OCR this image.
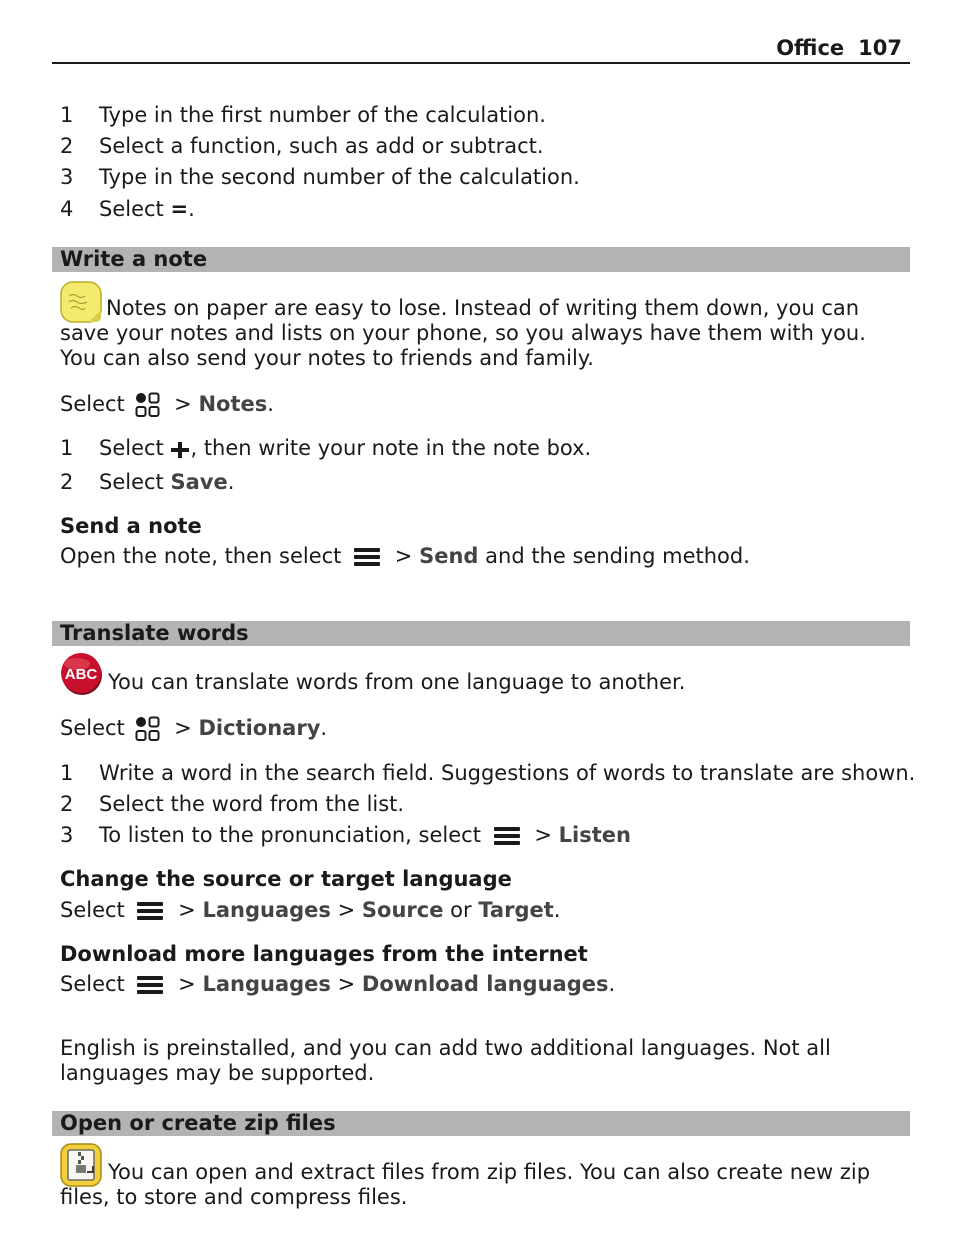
Office 107
1 Type in the first number of the calculation.
2 Select a function, such as add or subtract.
3 Type in the second number of the calculation.
4 Select =.
Write a note
Notes on paper are easy to lose. Instead of writing them down, you can save your notes and lists on your phone, so you always have them with you. You can also send your notes to friends and family.
Select > Notes.
1 Select , then write your note in the note box.
2 Select Save.
Send a note
Open the note, then select	> Send and the sending method.
Translate words
ABC You can translate words from one language to another.
Select > Dictionary.
1 Write a word in the search field. Suggestions of words to translate are shown.
2 Select the word from the list.
3 To listen to the pronunciation, select	> Listen
Change the source or target language
Select	> Languages > Source or Target.
Download more languages from the internet
Select	> Languages > Download languages.
English is preinstalled, and you can add two additional languages. Not all languages may be supported.
Open or create zip files
You can open and extract files from zip files. You can also create new zip files, to store and compress files.
